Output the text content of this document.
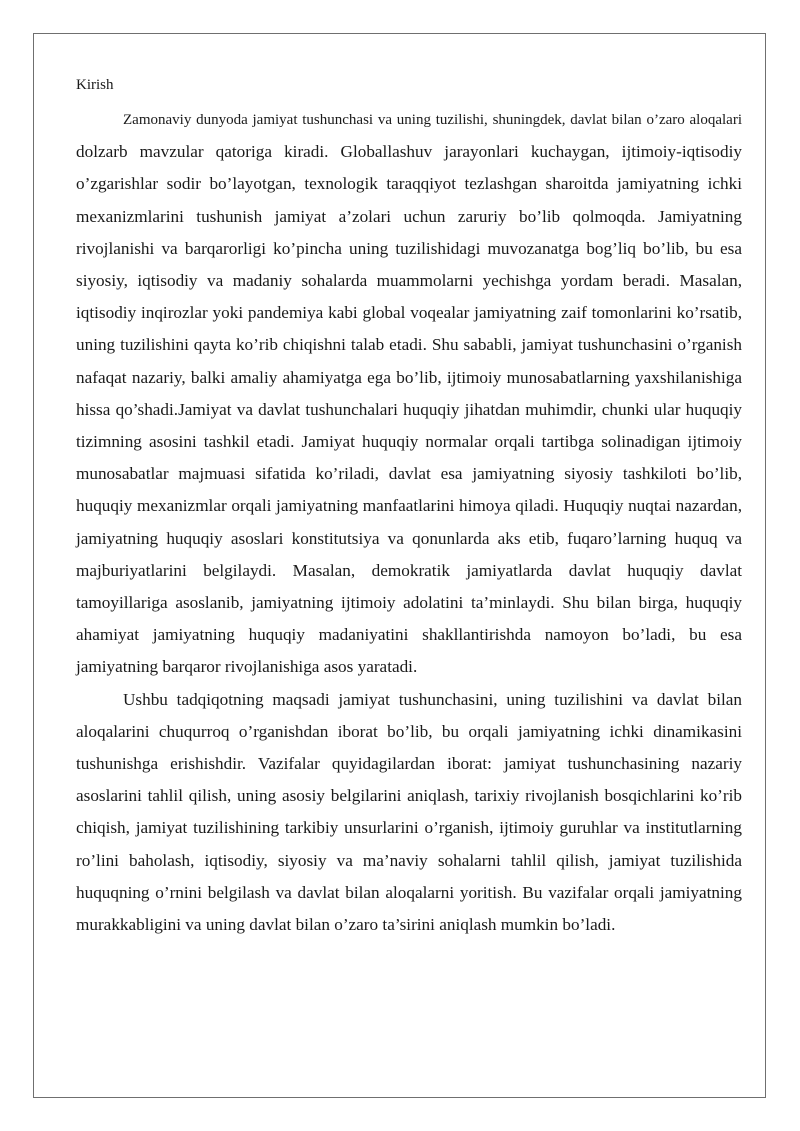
Kirish

Zamonaviy dunyoda jamiyat tushunchasi va uning tuzilishi, shuningdek, davlat bilan o’zaro aloqalari dolzarb mavzular qatoriga kiradi. Globallashuv jarayonlari kuchaygan, ijtimoiy-iqtisodiy o’zgarishlar sodir bo’layotgan, texnologik taraqqiyot tezlashgan sharoitda jamiyatning ichki mexanizmlarini tushunish jamiyat a’zolari uchun zaruriy bo’lib qolmoqda. Jamiyatning rivojlanishi va barqarorligi ko’pincha uning tuzilishidagi muvozanatga bog’liq bo’lib, bu esa siyosiy, iqtisodiy va madaniy sohalarda muammolarni yechishga yordam beradi. Masalan, iqtisodiy inqirozlar yoki pandemiya kabi global voqealar jamiyatning zaif tomonlarini ko’rsatib, uning tuzilishini qayta ko’rib chiqishni talab etadi. Shu sababli, jamiyat tushunchasini o’rganish nafaqat nazariy, balki amaliy ahamiyatga ega bo’lib, ijtimoiy munosabatlarning yaxshilanishiga hissa qo’shadi.Jamiyat va davlat tushunchalari huquqiy jihatdan muhimdir, chunki ular huquqiy tizimning asosini tashkil etadi. Jamiyat huquqiy normalar orqali tartibga solinadigan ijtimoiy munosabatlar majmuasi sifatida ko’riladi, davlat esa jamiyatning siyosiy tashkiloti bo’lib, huquqiy mexanizmlar orqali jamiyatning manfaatlarini himoya qiladi. Huquqiy nuqtai nazardan, jamiyatning huquqiy asoslari konstitutsiya va qonunlarda aks etib, fuqaro’larning huquq va majburiyatlarini belgilaydi. Masalan, demokratik jamiyatlarda davlat huquqiy davlat tamoyillariga asoslanib, jamiyatning ijtimoiy adolatini ta’minlaydi. Shu bilan birga, huquqiy ahamiyat jamiyatning huquqiy madaniyatini shakllantirishda namoyon bo’ladi, bu esa jamiyatning barqaror rivojlanishiga asos yaratadi.

Ushbu tadqiqotning maqsadi jamiyat tushunchasini, uning tuzilishini va davlat bilan aloqalarini chuqurroq o’rganishdan iborat bo’lib, bu orqali jamiyatning ichki dinamikasini tushunishga erishishdir. Vazifalar quyidagilardan iborat: jamiyat tushunchasining nazariy asoslarini tahlil qilish, uning asosiy belgilarini aniqlash, tarixiy rivojlanish bosqichlarini ko’rib chiqish, jamiyat tuzilishining tarkibiy unsurlarini o’rganish, ijtimoiy guruhlar va institutlarning ro’lini baholash, iqtisodiy, siyosiy va ma’naviy sohalarni tahlil qilish, jamiyat tuzilishida huquqning o’rnini belgilash va davlat bilan aloqalarni yoritish. Bu vazifalar orqali jamiyatning murakkabligini va uning davlat bilan o’zaro ta’sirini aniqlash mumkin bo’ladi.
